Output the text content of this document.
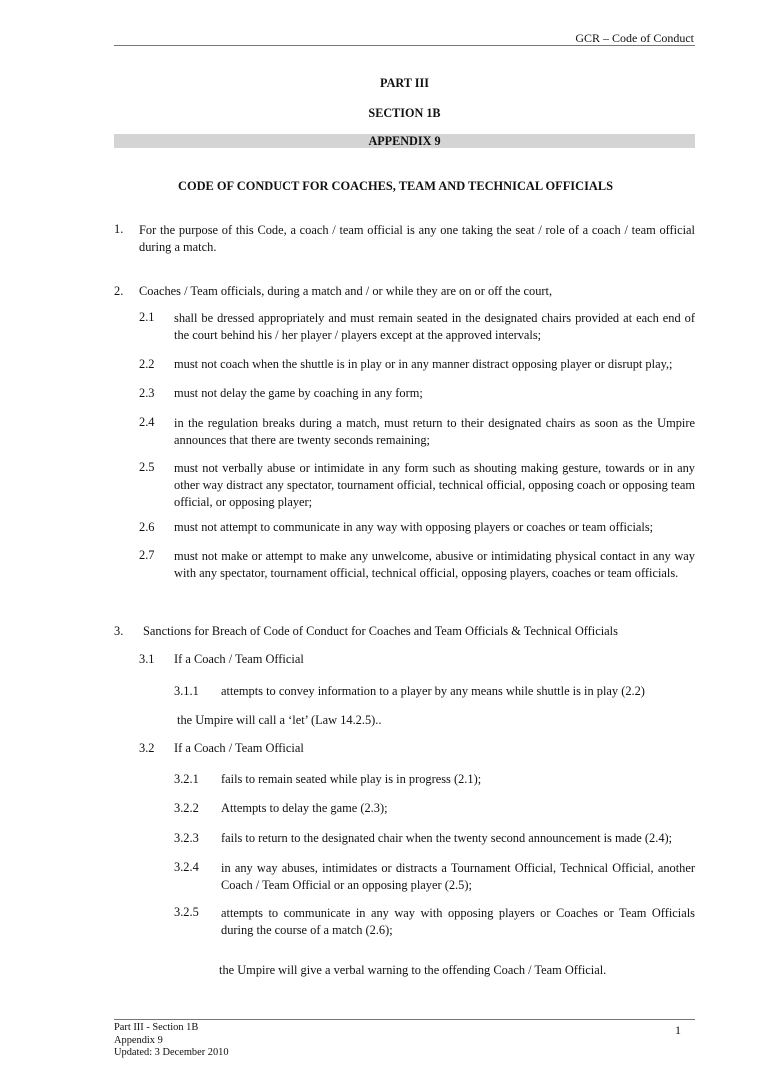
GCR – Code of Conduct
PART III
SECTION 1B
APPENDIX 9
CODE OF CONDUCT FOR COACHES, TEAM AND TECHNICAL OFFICIALS
1. For the purpose of this Code, a coach / team official is any one taking the seat / role of a coach / team official during a match.
2. Coaches / Team officials, during a match and / or while they are on or off the court,
2.1 shall be dressed appropriately and must remain seated in the designated chairs provided at each end of the court behind his / her player / players except at the approved intervals;
2.2 must not coach when the shuttle is in play or in any manner distract opposing player or disrupt play,;
2.3 must not delay the game by coaching in any form;
2.4 in the regulation breaks during a match, must return to their designated chairs as soon as the Umpire announces that there are twenty seconds remaining;
2.5 must not verbally abuse or intimidate in any form such as shouting making gesture, towards or in any other way distract any spectator, tournament official, technical official, opposing coach or opposing team official, or opposing player;
2.6 must not attempt to communicate in any way with opposing players or coaches or team officials;
2.7 must not make or attempt to make any unwelcome, abusive or intimidating physical contact in any way with any spectator, tournament official, technical official, opposing players, coaches or team officials.
3. Sanctions for Breach of Code of Conduct for Coaches and Team Officials & Technical Officials
3.1 If a Coach / Team Official
3.1.1 attempts to convey information to a player by any means while shuttle is in play (2.2)
the Umpire will call a ‘let’ (Law 14.2.5)..
3.2 If a Coach / Team Official
3.2.1 fails to remain seated while play is in progress (2.1);
3.2.2 Attempts to delay the game (2.3);
3.2.3 fails to return to the designated chair when the twenty second announcement is made (2.4);
3.2.4 in any way abuses, intimidates or distracts a Tournament Official, Technical Official, another Coach / Team Official or an opposing player (2.5);
3.2.5 attempts to communicate in any way with opposing players or Coaches or Team Officials during the course of a match (2.6);
the Umpire will give a verbal warning to the offending Coach / Team Official.
Part III - Section 1B
Appendix 9
Updated: 3 December 2010
1
